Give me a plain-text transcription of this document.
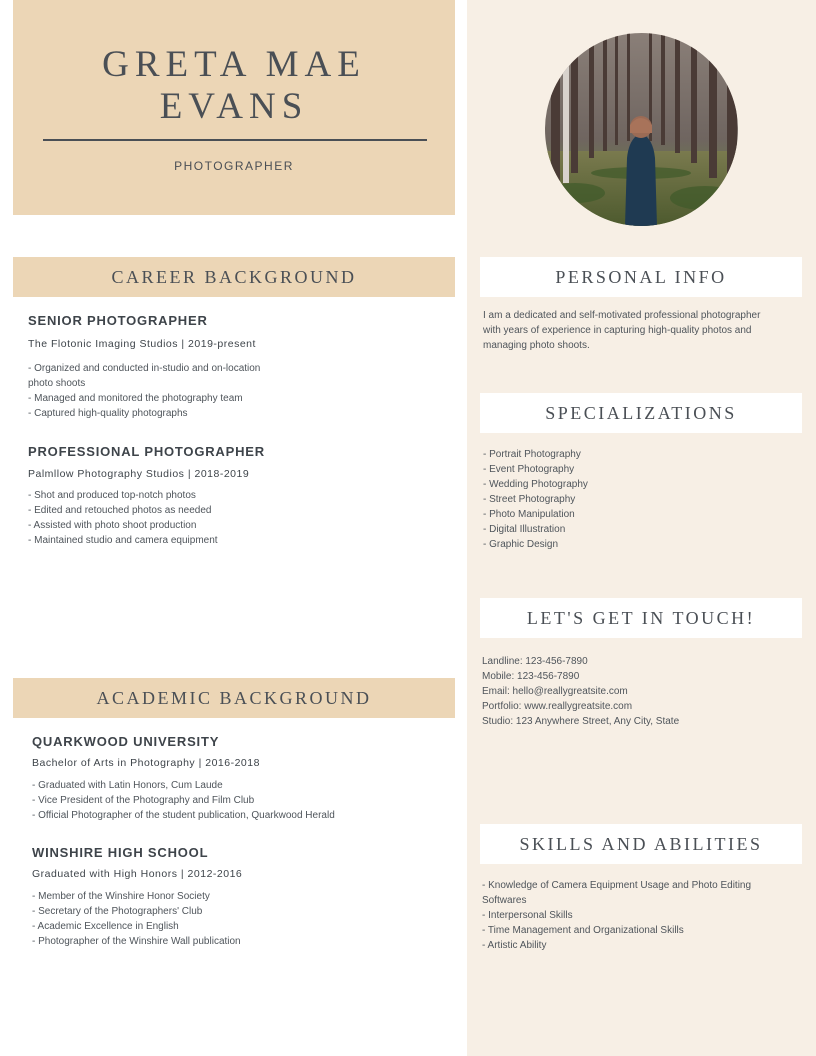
GRETA MAE
EVANS
PHOTOGRAPHER
CAREER BACKGROUND
SENIOR PHOTOGRAPHER
The Flotonic Imaging Studios | 2019-present
- Organized and conducted in-studio and on-location
photo shoots
- Managed and monitored the photography team
- Captured high-quality photographs
PROFESSIONAL PHOTOGRAPHER
Palmllow Photography Studios | 2018-2019
- Shot and produced top-notch photos
- Edited and retouched photos as needed
- Assisted with photo shoot production
- Maintained studio and camera equipment
ACADEMIC BACKGROUND
QUARKWOOD UNIVERSITY
Bachelor of Arts in Photography | 2016-2018
- Graduated with Latin Honors, Cum Laude
- Vice President of the Photography and Film Club
- Official Photographer of the student publication, Quarkwood Herald
WINSHIRE HIGH SCHOOL
Graduated with High Honors | 2012-2016
- Member of the Winshire Honor Society
- Secretary of the Photographers' Club
- Academic Excellence in English
- Photographer of the Winshire Wall publication
PERSONAL INFO
I am a dedicated and self-motivated professional photographer
with years of experience in capturing high-quality photos and
managing photo shoots.
SPECIALIZATIONS
- Portrait Photography
- Event Photography
- Wedding Photography
- Street Photography
- Photo Manipulation
- Digital Illustration
- Graphic Design
LET'S GET IN TOUCH!
Landline: 123-456-7890
Mobile: 123-456-7890
Email: hello@reallygreatsite.com
Portfolio: www.reallygreatsite.com
Studio: 123 Anywhere Street, Any City, State
SKILLS AND ABILITIES
- Knowledge of Camera Equipment Usage and Photo Editing
Softwares
- Interpersonal Skills
- Time Management and Organizational Skills
- Artistic Ability
